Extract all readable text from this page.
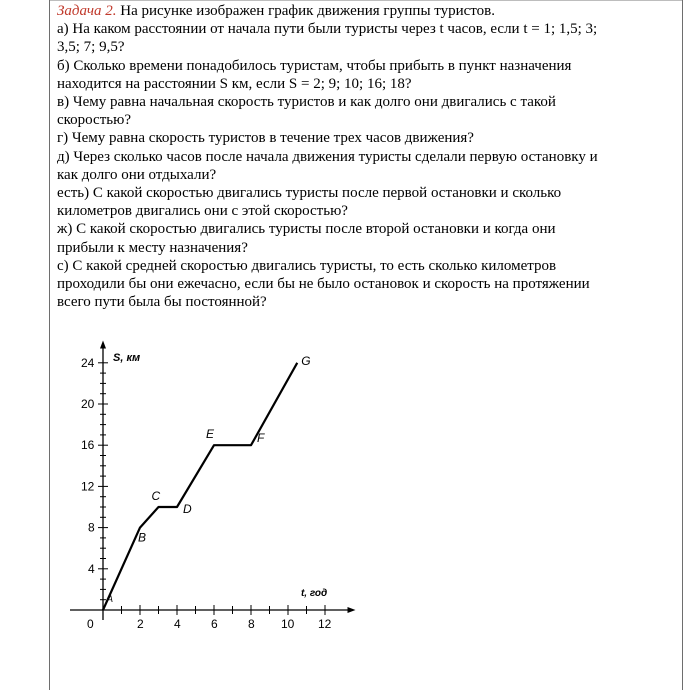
Задача 2. На рисунке изображен график движения группы туристов.
а) На каком расстоянии от начала пути были туристы через t часов, если t = 1; 1,5; 3;
3,5; 7; 9,5?
б) Сколько времени понадобилось туристам, чтобы прибыть в пункт назначения
находится на расстоянии S км, если S = 2; 9; 10; 16; 18?
в) Чему равна начальная скорость туристов и как долго они двигались с такой
скоростью?
г) Чему равна скорость туристов в течение трех часов движения?
д) Через сколько часов после начала движения туристы сделали первую остановку и
как долго они отдыхали?
есть) С какой скоростью двигались туристы после первой остановки и сколько
километров двигались они с этой скоростью?
ж) С какой скоростью двигались туристы после второй остановки и когда они
прибыли к месту назначения?
с) С какой средней скоростью двигались туристы, то есть сколько километров
проходили бы они ежечасно, если бы не было остановок и скорость на протяжении
всего пути была бы постоянной?
0	2	4	6	8 10 12
4
8
12
16
20
24 S, км
t, год
A
B
C
D
E	F
G
